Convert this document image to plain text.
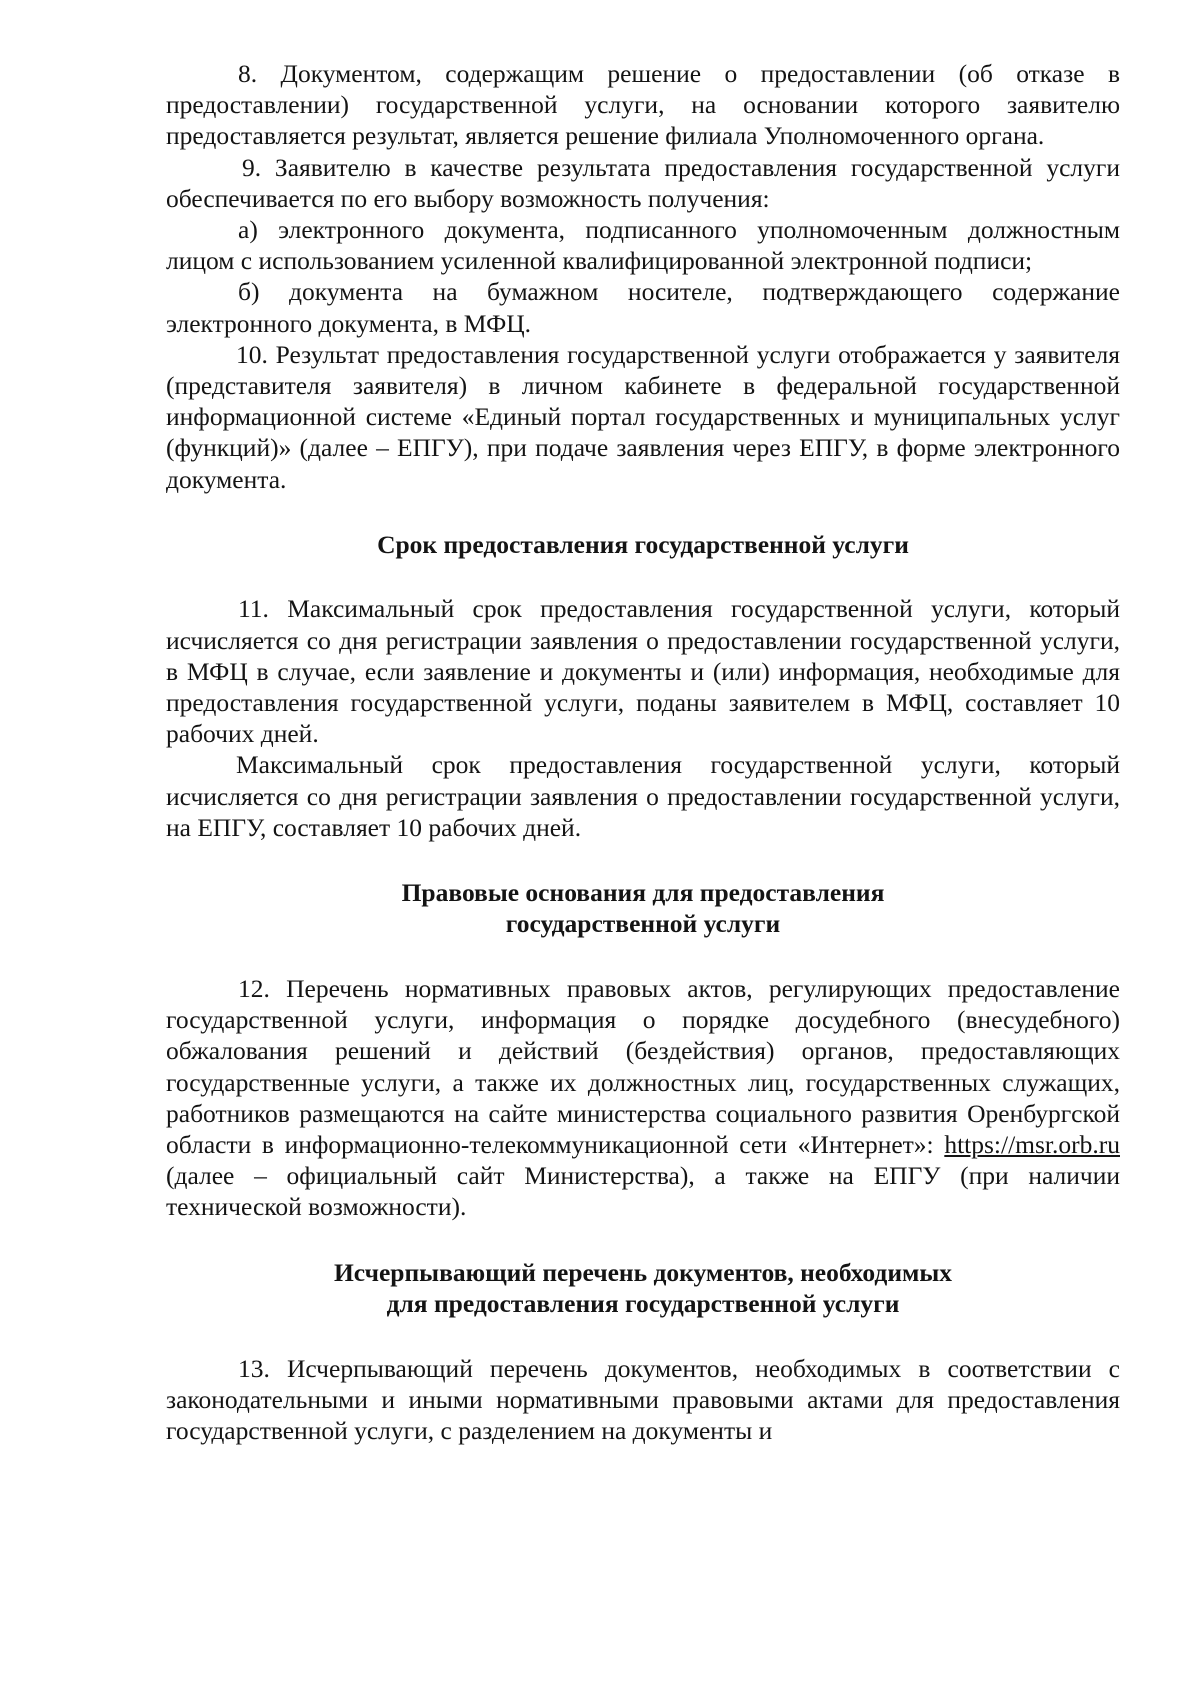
8. Документом, содержащим решение о предоставлении (об отказе в предоставлении) государственной услуги, на основании которого заявителю предоставляется результат, является решение филиала Уполномоченного органа.

9. Заявителю в качестве результата предоставления государственной услуги обеспечивается по его выбору возможность получения:

а) электронного документа, подписанного уполномоченным должностным лицом с использованием усиленной квалифицированной электронной подписи;

б) документа на бумажном носителе, подтверждающего содержание электронного документа, в МФЦ.

10. Результат предоставления государственной услуги отображается у заявителя (представителя заявителя) в личном кабинете в федеральной государственной информационной системе «Единый портал государственных и муниципальных услуг (функций)» (далее – ЕПГУ), при подаче заявления через ЕПГУ, в форме электронного документа.

Срок предоставления государственной услуги

11. Максимальный срок предоставления государственной услуги, который исчисляется со дня регистрации заявления о предоставлении государственной услуги, в МФЦ в случае, если заявление и документы и (или) информация, необходимые для предоставления государственной услуги, поданы заявителем в МФЦ, составляет 10 рабочих дней.

Максимальный срок предоставления государственной услуги, который исчисляется со дня регистрации заявления о предоставлении государственной услуги, на ЕПГУ, составляет 10 рабочих дней.

Правовые основания для предоставления
государственной услуги

12. Перечень нормативных правовых актов, регулирующих предоставление государственной услуги, информация о порядке досудебного (внесудебного) обжалования решений и действий (бездействия) органов, предоставляющих государственные услуги, а также их должностных лиц, государственных служащих, работников размещаются на сайте министерства социального развития Оренбургской области в информационно-телекоммуникационной сети «Интернет»: https://msr.orb.ru (далее – официальный сайт Министерства), а также на ЕПГУ (при наличии технической возможности).

Исчерпывающий перечень документов, необходимых
для предоставления государственной услуги

13. Исчерпывающий перечень документов, необходимых в соответствии с законодательными и иными нормативными правовыми актами для предоставления государственной услуги, с разделением на документы и
